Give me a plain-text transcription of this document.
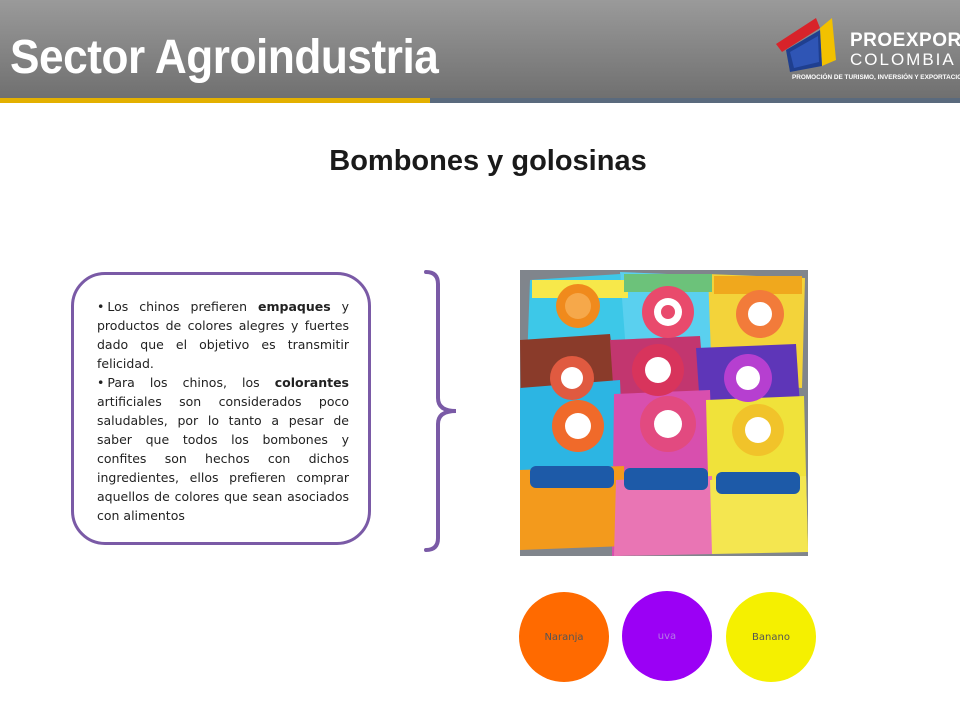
Sector Agroindustria	PROEXPORT
COLOMBIA
PROMOCIÓN DE TURISMO, INVERSIÓN Y EXPORTACIONES
Bombones y golosinas
• Los chinos prefieren empaques y productos de colores alegres y fuertes dado que el objetivo es transmitir felicidad.
• Para los chinos, los colorantes artificiales son considerados poco saludables, por lo tanto a pesar de saber que todos los bombones y confites son hechos con dichos ingredientes, ellos prefieren comprar aquellos de colores que sean asociados con alimentos
Naranja	uva	Banano
